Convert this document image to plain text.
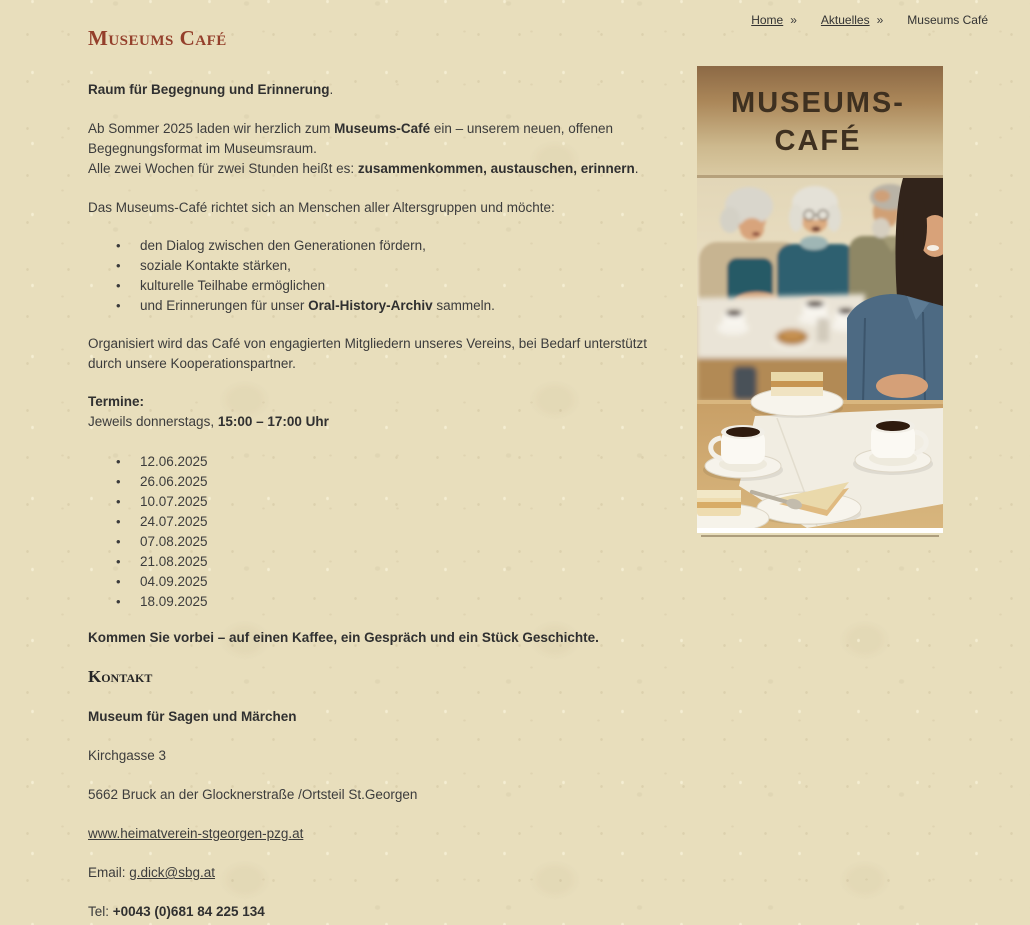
Home » Aktuelles » Museums Café
Museums Café

Raum für Begegnung und Erinnerung.

Ab Sommer 2025 laden wir herzlich zum Museums-Café ein – unserem neuen, offenen Begegnungsformat im Museumsraum.
Alle zwei Wochen für zwei Stunden heißt es: zusammenkommen, austauschen, erinnern.

Das Museums-Café richtet sich an Menschen aller Altersgruppen und möchte:

• den Dialog zwischen den Generationen fördern,
• soziale Kontakte stärken,
• kulturelle Teilhabe ermöglichen
• und Erinnerungen für unser Oral-History-Archiv sammeln.

Organisiert wird das Café von engagierten Mitgliedern unseres Vereins, bei Bedarf unterstützt durch unsere Kooperationspartner.

Termine:
Jeweils donnerstags, 15:00 – 17:00 Uhr

• 12.06.2025
• 26.06.2025
• 10.07.2025
• 24.07.2025
• 07.08.2025
• 21.08.2025
• 04.09.2025
• 18.09.2025

Kommen Sie vorbei – auf einen Kaffee, ein Gespräch und ein Stück Geschichte.

Kontakt

Museum für Sagen und Märchen

Kirchgasse 3

5662 Bruck an der Glocknerstraße /Ortsteil St.Georgen

www.heimatverein-stgeorgen-pzg.at

Email: g.dick@sbg.at

Tel: +0043 (0)681 84 225 134

MUSEUMS-
CAFÉ
